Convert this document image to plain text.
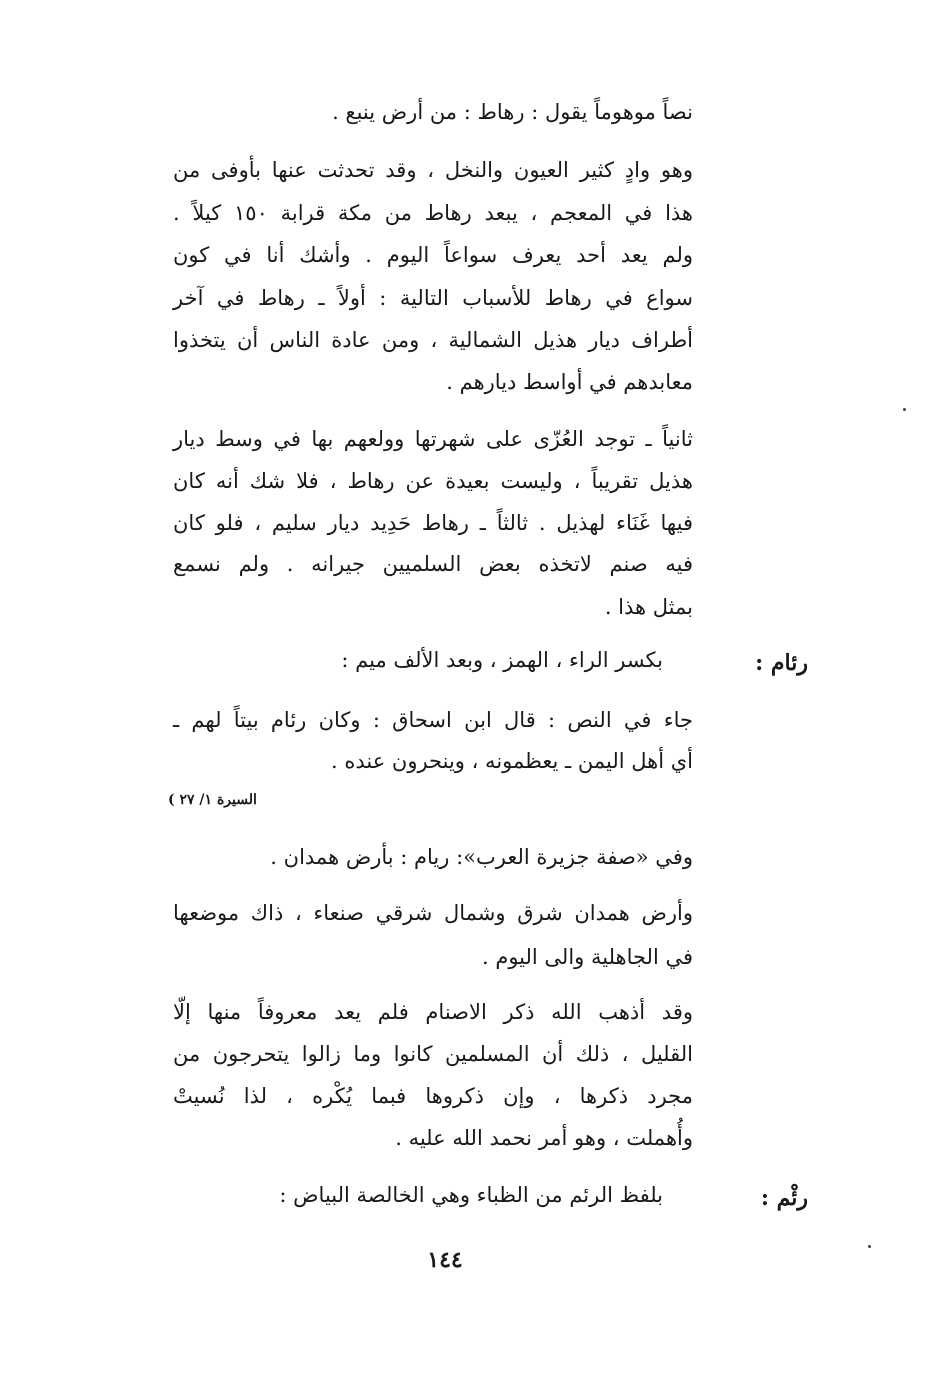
نصاً موهوماً يقول : رهاط : من أرض ينبع .
وهو وادٍ كثير العيون والنخل ، وقد تحدثت عنها بأوفى من
هذا في المعجم ، يبعد رهاط من مكة قرابة ١٥٠ كيلاً .
ولم يعد أحد يعرف سواعاً اليوم . وأشك أنا في كون
سواع في رهاط للأسباب التالية : أولاً ـ رهاط في آخر
أطراف ديار هذيل الشمالية ، ومن عادة الناس أن يتخذوا
معابدهم في أواسط ديارهم .
ثانياً ـ توجد العُزّى على شهرتها وولعهم بها في وسط ديار
هذيل تقريباً ، وليست بعيدة عن رهاط ، فلا شك أنه كان
فيها غَنَاء لهذيل . ثالثاً ـ رهاط حَدِيد ديار سليم ، فلو كان
فيه صنم لاتخذه بعض السلميين جيرانه . ولم نسمع
بمثل هذا .
رئام :
بكسر الراء ، الهمز ، وبعد الألف ميم :
جاء في النص : قال ابن اسحاق : وكان رئام بيتاً لهم ـ
أي أهل اليمن ـ يعظمونه ، وينحرون عنده .
السيرة ١/ ٢٧ )
وفي «صفة جزيرة العرب»: ريام : بأرض همدان .
وأرض همدان شرق وشمال شرقي صنعاء ، ذاك موضعها
في الجاهلية والى اليوم .
وقد أذهب الله ذكر الاصنام فلم يعد معروفاً منها إلّا
القليل ، ذلك أن المسلمين كانوا وما زالوا يتحرجون من
مجرد ذكرها ، وإن ذكروها فبما يُكْره ، لذا نُسيتْ
وأُهملت ، وهو أمر نحمد الله عليه .
رئْم :
بلفظ الرئم من الظباء وهي الخالصة البياض :
١٤٤
